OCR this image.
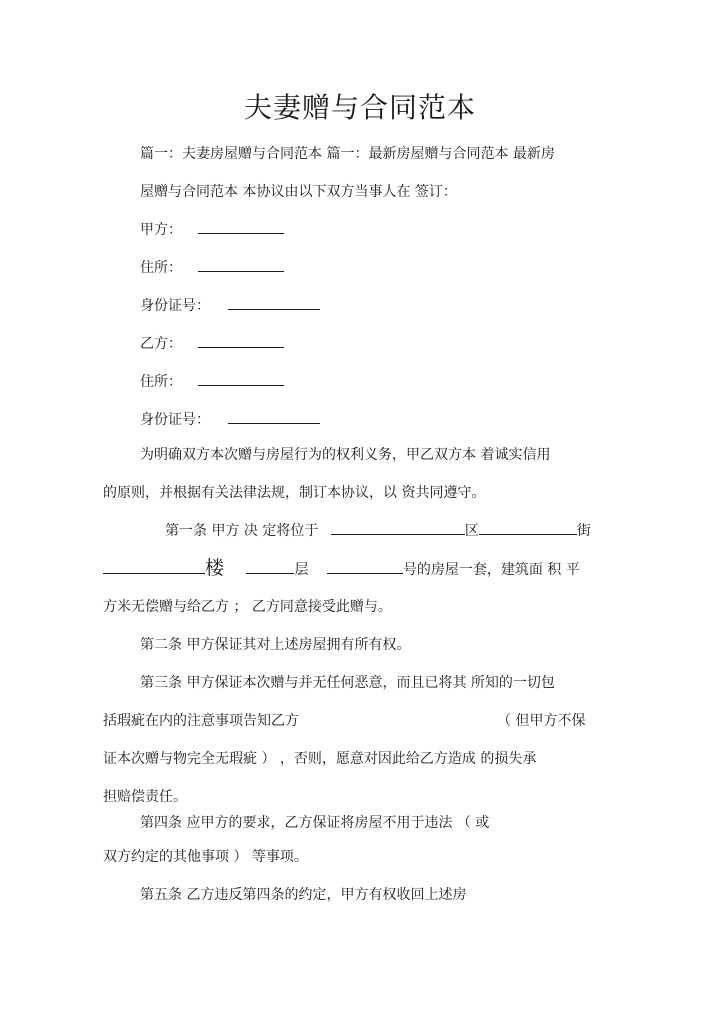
夫妻赠与合同范本
篇一：夫妻房屋赠与合同范本 篇一：最新房屋赠与合同范本 最新房
屋赠与合同范本 本协议由以下双方当事人在 签订：
甲方：
住所：
身份证号：
乙方：
住所：
身份证号：
为明确双方本次赠与房屋行为的权利义务，甲乙双方本 着诚实信用
的原则，并根据有关法律法规，制订本协议，以 资共同遵守。
第一条 甲方 决 定将位于	区	街
楼	层	号的房屋一套，建筑面 积 平
方米无偿赠与给乙方 ； 乙方同意接受此赠与。
第二条 甲方保证其对上述房屋拥有所有权。
第三条 甲方保证本次赠与并无任何恶意，而且已将其 所知的一切包
括瑕疵在内的注意事项告知乙方	（ 但甲方不保
证本次赠与物完全无瑕疵 ） ，否则，愿意对因此给乙方造成 的损失承
担赔偿责任。
第四条 应甲方的要求，乙方保证将房屋不用于违法 （ 或
双方约定的其他事项 ） 等事项。
第五条 乙方违反第四条的约定，甲方有权收回上述房
